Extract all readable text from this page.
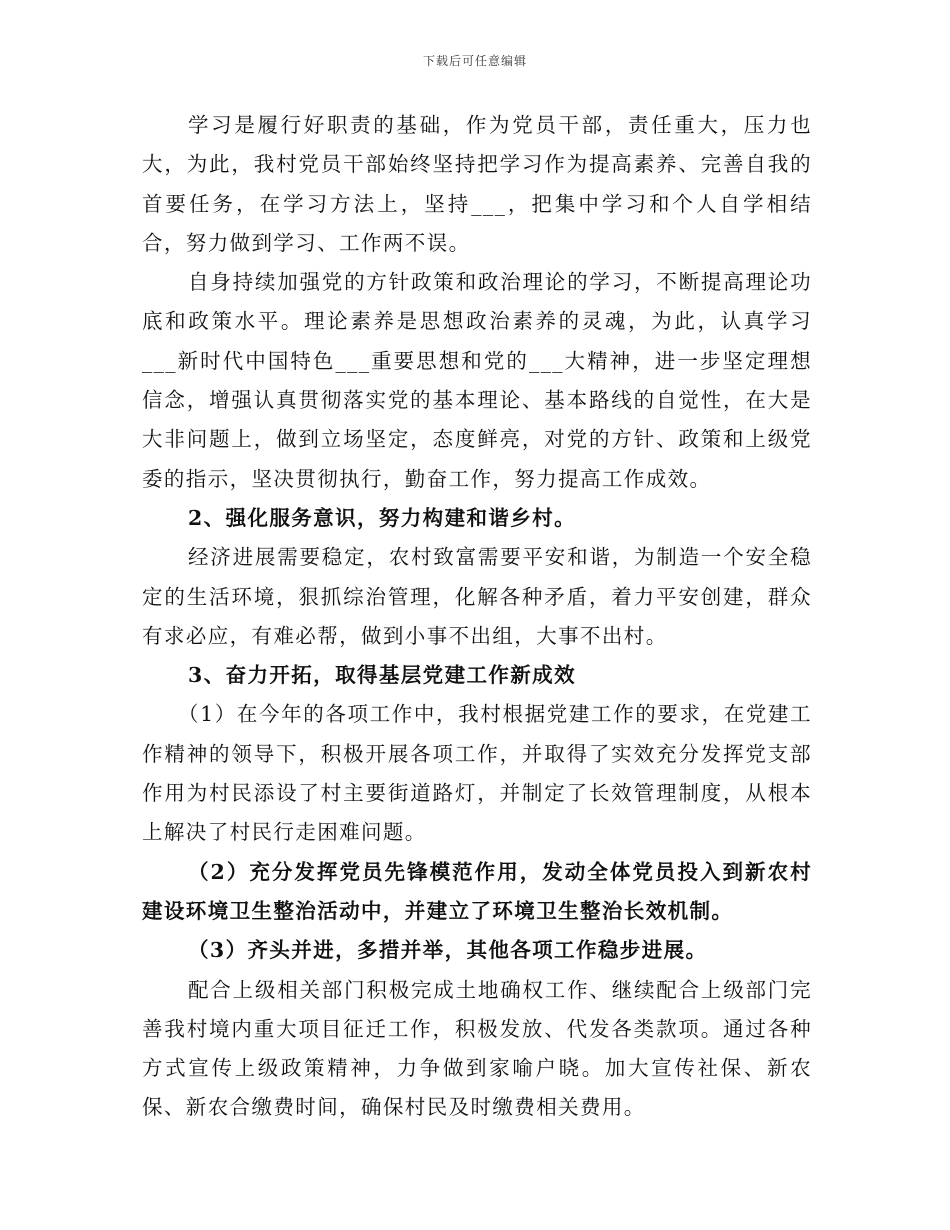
下载后可任意编辑

学习是履行好职责的基础，作为党员干部，责任重大，压力也大，为此，我村党员干部始终坚持把学习作为提高素养、完善自我的首要任务，在学习方法上，坚持___，把集中学习和个人自学相结合，努力做到学习、工作两不误。

自身持续加强党的方针政策和政治理论的学习，不断提高理论功底和政策水平。理论素养是思想政治素养的灵魂，为此，认真学习___新时代中国特色___重要思想和党的___大精神，进一步坚定理想信念，增强认真贯彻落实党的基本理论、基本路线的自觉性，在大是大非问题上，做到立场坚定，态度鲜亮，对党的方针、政策和上级党委的指示，坚决贯彻执行，勤奋工作，努力提高工作成效。

2、强化服务意识，努力构建和谐乡村。

经济进展需要稳定，农村致富需要平安和谐，为制造一个安全稳定的生活环境，狠抓综治管理，化解各种矛盾，着力平安创建，群众有求必应，有难必帮，做到小事不出组，大事不出村。

3、奋力开拓，取得基层党建工作新成效

（1）在今年的各项工作中，我村根据党建工作的要求，在党建工作精神的领导下，积极开展各项工作，并取得了实效充分发挥党支部作用为村民添设了村主要街道路灯，并制定了长效管理制度，从根本上解决了村民行走困难问题。

（2）充分发挥党员先锋模范作用，发动全体党员投入到新农村建设环境卫生整治活动中，并建立了环境卫生整治长效机制。

（3）齐头并进，多措并举，其他各项工作稳步进展。

配合上级相关部门积极完成土地确权工作、继续配合上级部门完善我村境内重大项目征迁工作，积极发放、代发各类款项。通过各种方式宣传上级政策精神，力争做到家喻户晓。加大宣传社保、新农保、新农合缴费时间，确保村民及时缴费相关费用。
